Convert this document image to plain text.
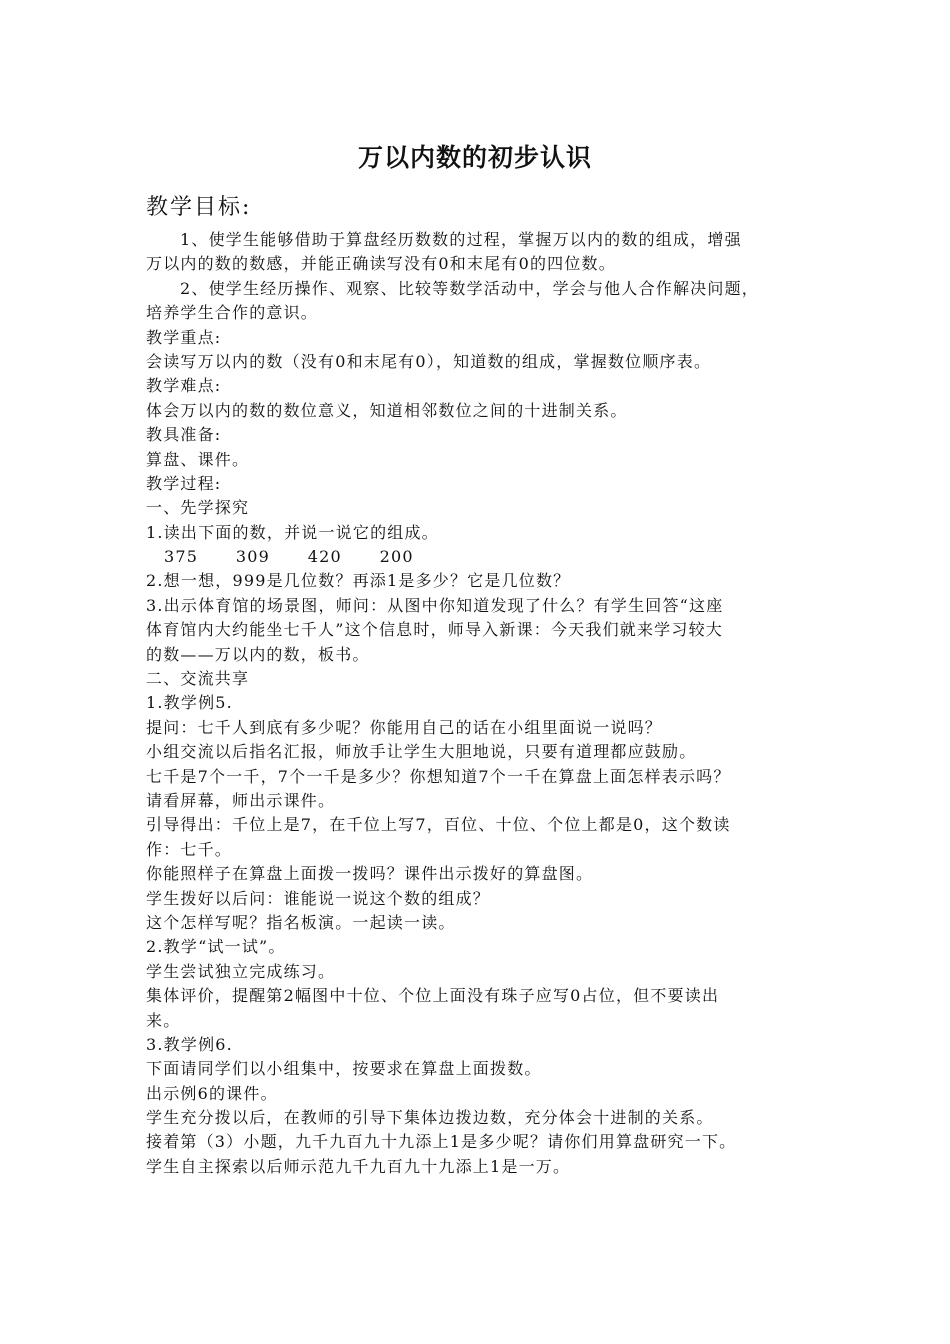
万以内数的初步认识
教学目标:
1、使学生能够借助于算盘经历数数的过程，掌握万以内的数的组成，增强
万以内的数的数感，并能正确读写没有0和末尾有0的四位数。
2、使学生经历操作、观察、比较等数学活动中，学会与他人合作解决问题，
培养学生合作的意识。
教学重点:
会读写万以内的数（没有0和末尾有0），知道数的组成，掌握数位顺序表。
教学难点:
体会万以内的数的数位意义，知道相邻数位之间的十进制关系。
教具准备:
算盘、课件。
教学过程:
一、先学探究
1.读出下面的数，并说一说它的组成。
375      309      420      200
2.想一想，999是几位数？再添1是多少？它是几位数？
3.出示体育馆的场景图，师问：从图中你知道发现了什么？有学生回答“这座
体育馆内大约能坐七千人”这个信息时，师导入新课：今天我们就来学习较大
的数——万以内的数，板书。
二、交流共享
1.教学例5.
提问：七千人到底有多少呢？你能用自己的话在小组里面说一说吗？
小组交流以后指名汇报，师放手让学生大胆地说，只要有道理都应鼓励。
七千是7个一千，7个一千是多少？你想知道7个一千在算盘上面怎样表示吗？
请看屏幕，师出示课件。
引导得出：千位上是7，在千位上写7，百位、十位、个位上都是0，这个数读
作：七千。
你能照样子在算盘上面拨一拨吗？课件出示拨好的算盘图。
学生拨好以后问：谁能说一说这个数的组成？
这个怎样写呢？指名板演。一起读一读。
2.教学“试一试”。
学生尝试独立完成练习。
集体评价，提醒第2幅图中十位、个位上面没有珠子应写0占位，但不要读出
来。
3.教学例6.
下面请同学们以小组集中，按要求在算盘上面拨数。
出示例6的课件。
学生充分拨以后，在教师的引导下集体边拨边数，充分体会十进制的关系。
接着第（3）小题，九千九百九十九添上1是多少呢？请你们用算盘研究一下。
学生自主探索以后师示范九千九百九十九添上1是一万。
